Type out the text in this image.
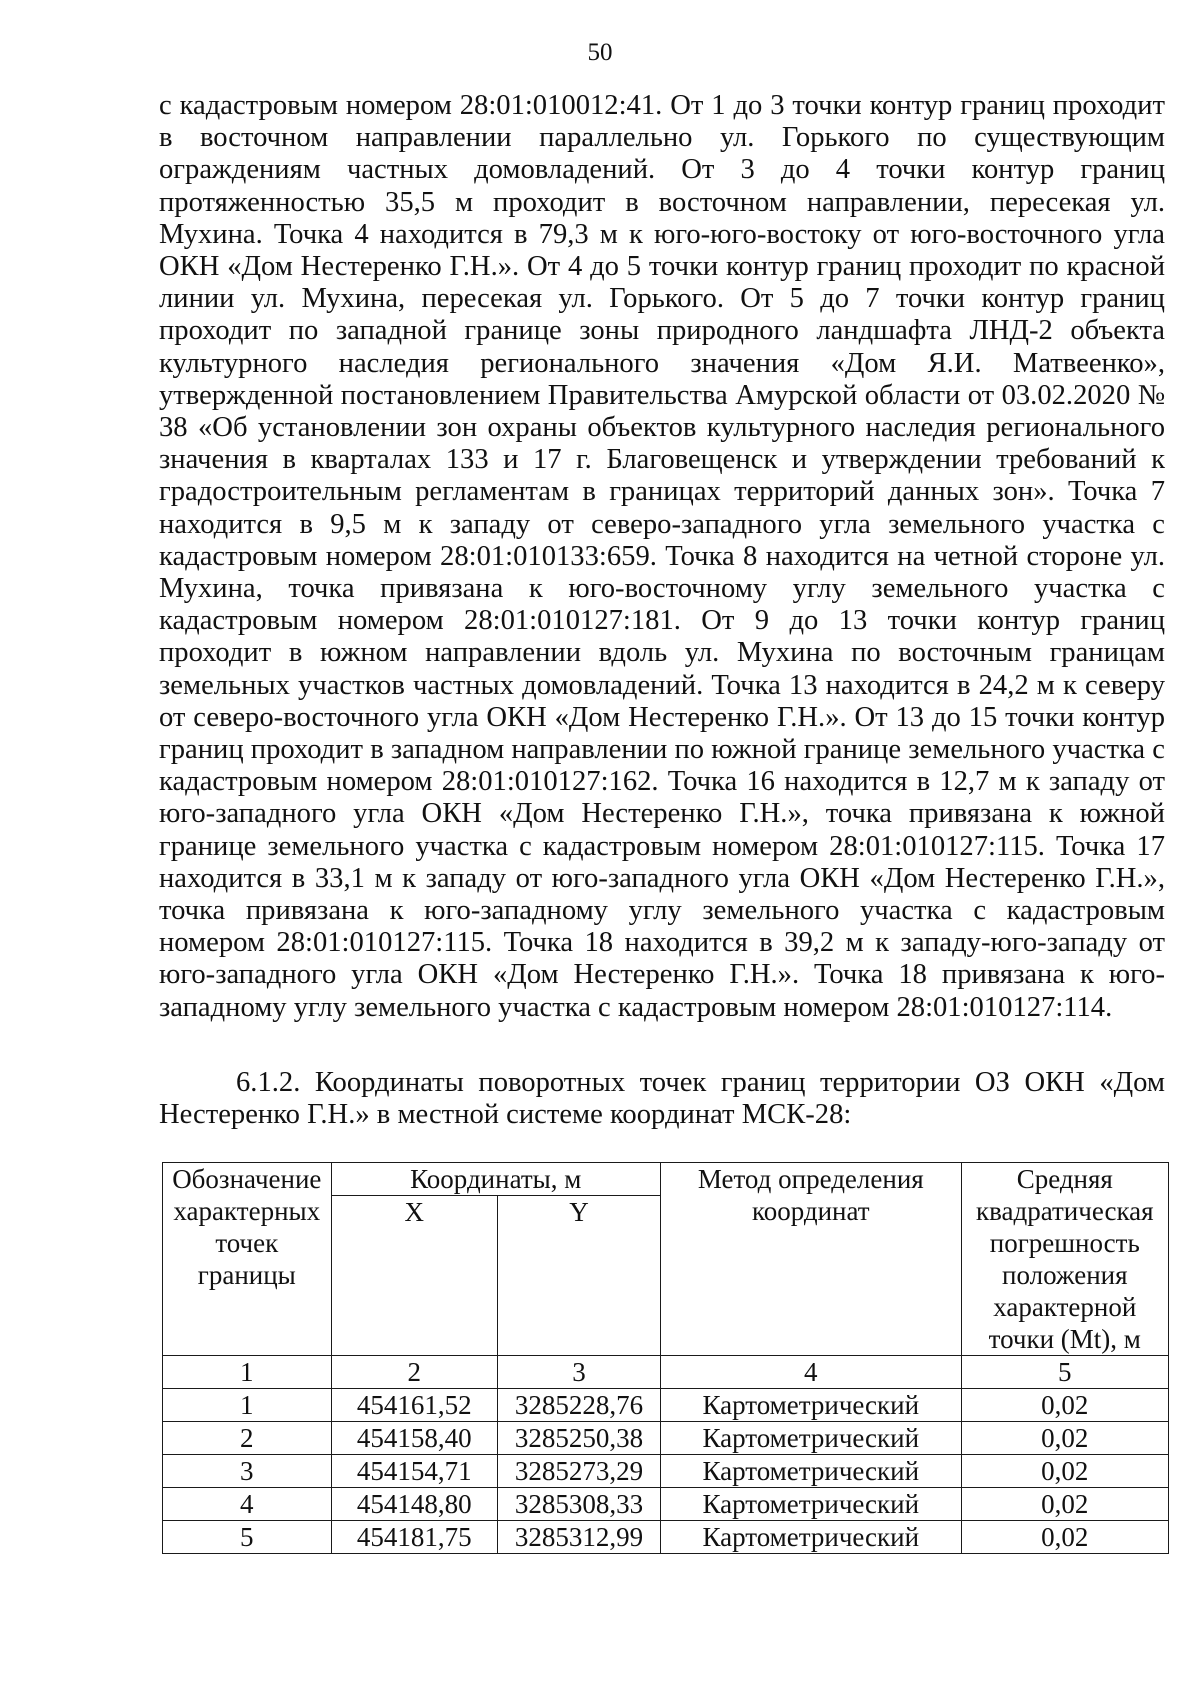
50

с кадастровым номером 28:01:010012:41. От 1 до 3 точки контур границ проходит в восточном направлении параллельно ул. Горького по существующим ограждениям частных домовладений. От 3 до 4 точки контур границ протяженностью 35,5 м проходит в восточном направлении, пересекая ул. Мухина. Точка 4 находится в 79,3 м к юго-юго-востоку от юго-восточного угла ОКН «Дом Нестеренко Г.Н.». От 4 до 5 точки контур границ проходит по красной линии ул. Мухина, пересекая ул. Горького. От 5 до 7 точки контур границ проходит по западной границе зоны природного ландшафта ЛНД-2 объекта культурного наследия регионального значения «Дом Я.И. Матвеенко», утвержденной постановлением Правительства Амурской области от 03.02.2020 № 38 «Об установлении зон охраны объектов культурного наследия регионального значения в кварталах 133 и 17 г. Благовещенск и утверждении требований к градостроительным регламентам в границах территорий данных зон». Точка 7 находится в 9,5 м к западу от северо-западного угла земельного участка с кадастровым номером 28:01:010133:659. Точка 8 находится на четной стороне ул. Мухина, точка привязана к юго-восточному углу земельного участка с кадастровым номером 28:01:010127:181. От 9 до 13 точки контур границ проходит в южном направлении вдоль ул. Мухина по восточным границам земельных участков частных домовладений. Точка 13 находится в 24,2 м к северу от северо-восточного угла ОКН «Дом Нестеренко Г.Н.». От 13 до 15 точки контур границ проходит в западном направлении по южной границе земельного участка с кадастровым номером 28:01:010127:162. Точка 16 находится в 12,7 м к западу от юго-западного угла ОКН «Дом Нестеренко Г.Н.», точка привязана к южной границе земельного участка с кадастровым номером 28:01:010127:115. Точка 17 находится в 33,1 м к западу от юго-западного угла ОКН «Дом Нестеренко Г.Н.», точка привязана к юго-западному углу земельного участка с кадастровым номером 28:01:010127:115. Точка 18 находится в 39,2 м к западу-юго-западу от юго-западного угла ОКН «Дом Нестеренко Г.Н.». Точка 18 привязана к юго-западному углу земельного участка с кадастровым номером 28:01:010127:114.

6.1.2. Координаты поворотных точек границ территории ОЗ ОКН «Дом Нестеренко Г.Н.» в местной системе координат МСК-28:

Обозначение характерных точек границы	Координаты, м		Метод определения координат	Средняя квадратическая погрешность положения характерной точки (Mt), м
	X	Y		
1	2	3	4	5
1	454161,52	3285228,76	Картометрический	0,02
2	454158,40	3285250,38	Картометрический	0,02
3	454154,71	3285273,29	Картометрический	0,02
4	454148,80	3285308,33	Картометрический	0,02
5	454181,75	3285312,99	Картометрический	0,02
